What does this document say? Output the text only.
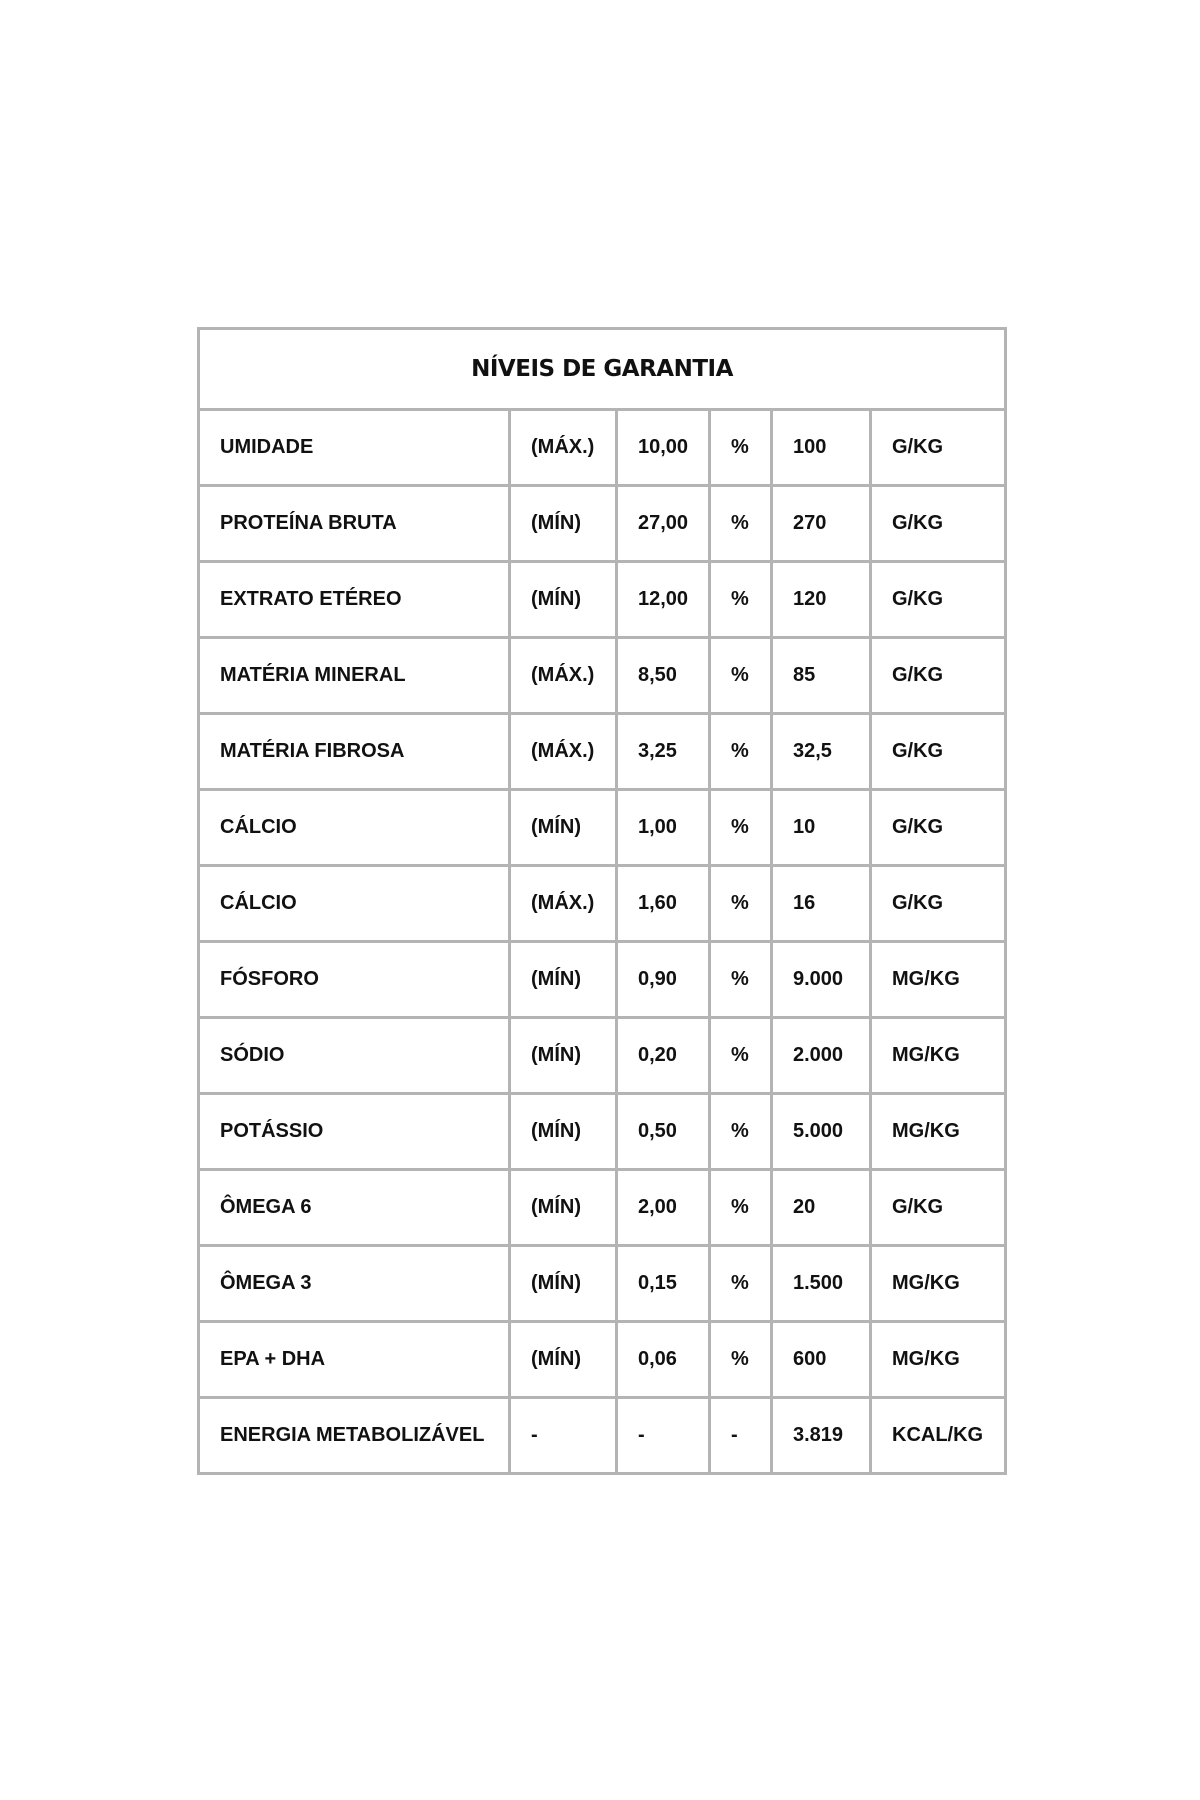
NÍVEIS DE GARANTIA					
UMIDADE	(MÁX.)	10,00	%	100	G/KG
PROTEÍNA BRUTA	(MÍN)	27,00	%	270	G/KG
EXTRATO ETÉREO	(MÍN)	12,00	%	120	G/KG
MATÉRIA MINERAL	(MÁX.)	8,50	%	85	G/KG
MATÉRIA FIBROSA	(MÁX.)	3,25	%	32,5	G/KG
CÁLCIO	(MÍN)	1,00	%	10	G/KG
CÁLCIO	(MÁX.)	1,60	%	16	G/KG
FÓSFORO	(MÍN)	0,90	%	9.000	MG/KG
SÓDIO	(MÍN)	0,20	%	2.000	MG/KG
POTÁSSIO	(MÍN)	0,50	%	5.000	MG/KG
ÔMEGA 6	(MÍN)	2,00	%	20	G/KG
ÔMEGA 3	(MÍN)	0,15	%	1.500	MG/KG
EPA + DHA	(MÍN)	0,06	%	600	MG/KG
ENERGIA METABOLIZÁVEL	-	-	-	3.819	KCAL/KG
